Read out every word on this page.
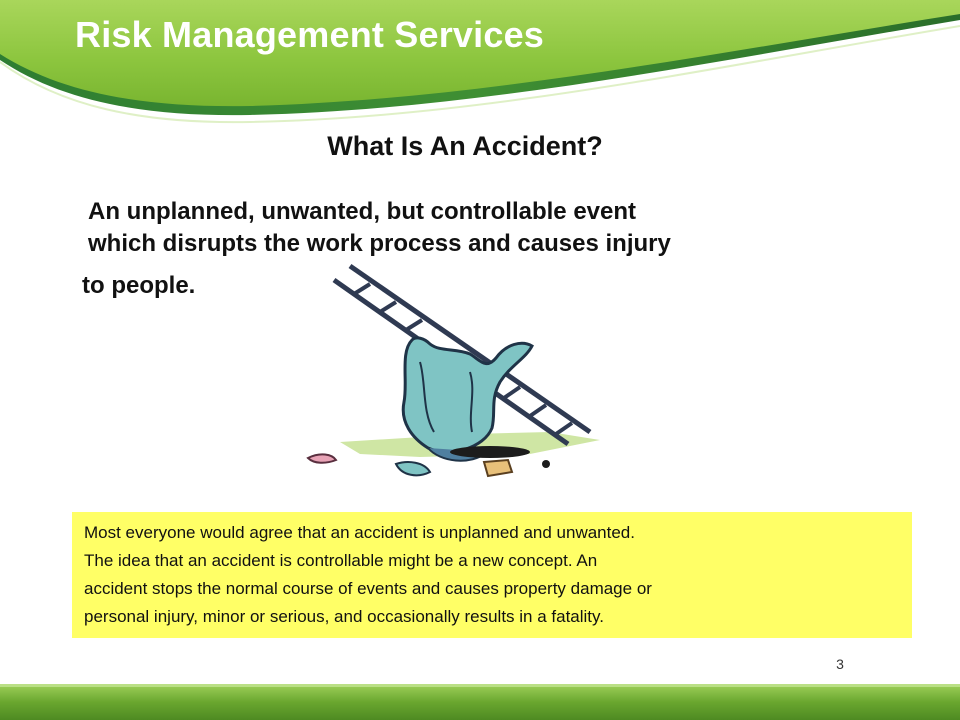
Risk Management Services
What Is An Accident?
An unplanned, unwanted, but controllable event
which disrupts the work process and causes injury
to people.
Most everyone would agree that an accident is unplanned and unwanted.
The idea that an accident is controllable might be a new concept. An
accident stops the normal course of events and causes property damage or
personal injury, minor or serious, and occasionally results in a fatality.
3
